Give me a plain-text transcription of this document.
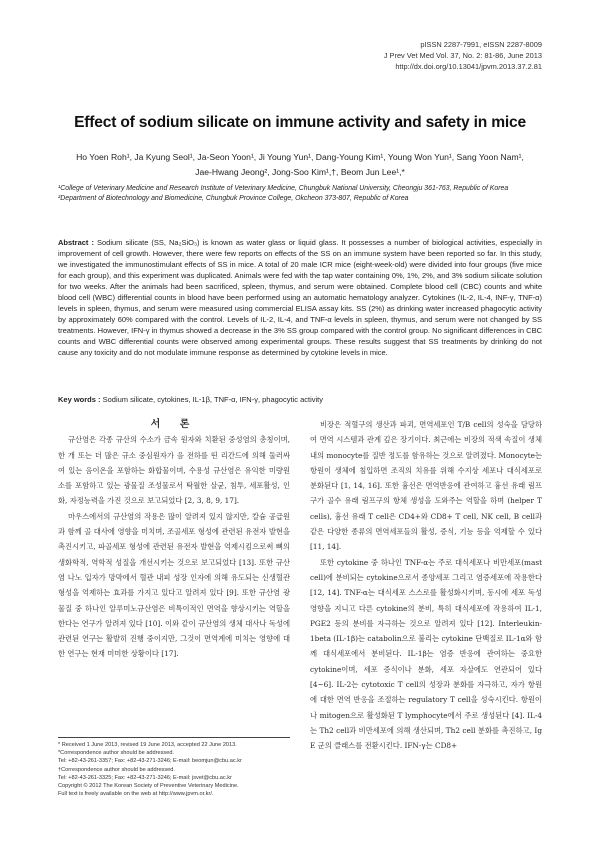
pISSN 2287-7991, eISSN 2287-8009
J Prev Vet Med Vol. 37, No. 2: 81-86, June 2013
http://dx.doi.org/10.13041/jpvm.2013.37.2.81
Effect of sodium silicate on immune activity and safety in mice
Ho Yoen Roh¹, Ja Kyung Seol¹, Ja-Seon Yoon¹, Ji Young Yun¹, Dang-Young Kim¹, Young Won Yun¹, Sang Yoon Nam¹,
Jae-Hwang Jeong², Jong-Soo Kim¹,†, Beom Jun Lee¹,*

¹College of Veterinary Medicine and Research Institute of Veterinary Medicine, Chungbuk National University, Cheongju 361-763, Republic of Korea

²Department of Biotechnology and Biomedicine, Chungbuk Province College, Okcheon 373-807, Republic of Korea

Abstract : Sodium silicate (SS, Na₂SiO₃) is known as water glass or liquid glass. It possesses a number of biological activities, especially in improvement of cell growth. However, there were few reports on effects of the SS on an immune system have been reported so far. In this study, we investigated the immunostimulant effects of SS in mice. A total of 20 male ICR mice (eight-week-old) were divided into four groups (five mice for each group), and this experiment was duplicated. Animals were fed with the tap water containing 0%, 1%, 2%, and 3% sodium silicate solution for two weeks. After the animals had been sacrificed, spleen, thymus, and serum were obtained. Complete blood cell (CBC) counts and white blood cell (WBC) differential counts in blood have been performed using an automatic hematology analyzer. Cytokines (IL-2, IL-4, INF-γ, TNF-α) levels in spleen, thymus, and serum were measured using commercial ELISA assay kits. SS (2%) as drinking water increased phagocytic activity by approximately 60% compared with the control. Levels of IL-2, IL-4, and TNF-α levels in spleen, thymus, and serum were not changed by SS treatments. However, IFN-γ in thymus showed a decrease in the 3% SS group compared with the control group. No significant differences in CBC counts and WBC differential counts were observed among experimental groups. These results suggest that SS treatments by drinking do not cause any toxicity and do not modulate immune response as determined by cytokine levels in mice.
Key words : Sodium silicate, cytokines, IL-1β, TNF-α, IFN-γ, phagocytic activity

서 론

규산염은 각종 규산의 수소가 금속 원자와 치환된 중성염의 총칭이며, 한 개 또는 더 많은 규소 중심원자가 음 전하를 띤 리간드에 의해 둘러싸여 있는 음이온을 포함하는 화합물이며, 수용성 규산염은 유익한 미량원소를 포함하고 있는 광물질 조성물로서 탁월한 살균, 침투, 세포활성, 인화, 자정능력을 가진 것으로 보고되었다 [2, 3, 8, 9, 17].

마우스에서의 규산염의 작용은 많이 알려져 있지 않지만, 칼슘 공급원과 함께 골 대사에 영향을 미치며, 조골세포 형성에 관련된 유전자 발현을 촉진시키고, 파골세포 형성에 관련된 유전자 발현을 억제시킴으로써 뼈의 생화학적, 역학적 성질을 개선시키는 것으로 보고되었다 [13]. 또한 규산염 나노 입자가 망막에서 혈관 내피 성장 인자에 의해 유도되는 신생혈관 형성을 억제하는 효과를 가지고 있다고 알려져 있다 [9]. 또한 규산염 광물질 중 하나인 알루미노규산염은 비특이적인 면역을 향상시키는 역할을 한다는 연구가 알려져 있다 [10]. 이와 같이 규산염의 생체 대사나 독성에 관련된 연구는 활발히 진행 중이지만, 그것이 면역계에 미치는 영향에 대한 연구는 현재 미미한 상황이다 [17].

비장은 적혈구의 생산과 파괴, 면역세포인 T/B cell의 성숙을 담당하여 면역 시스템과 관계 깊은 장기이다. 최근에는 비장의 적색 속질이 생체 내의 monocyte를 질반 정도를 함유하는 것으로 알려졌다. Monocyte는 항원이 생체에 침입하면 조직의 치유를 위해 수지상 세포나 대식세포로 분화된다 [1, 14, 16]. 또한 흉선은 면역반응에 관여하고 흉선 유래 림프구가 골수 유래 림프구의 항체 생성을 도와주는 역할을 하며 (helper T cells), 흉선 유래 T cell은 CD4+와 CD8+ T cell, NK cell, B cell과 같은 다양한 종류의 면역세포들의 활성, 증식, 기능 등을 억제할 수 있다 [11, 14].

또한 cytokine 중 하나인 TNF-α는 주로 대식세포나 비만세포(mast cell)에 분비되는 cytokine으로서 종양세포 그리고 염증세포에 작용한다 [12, 14]. TNF-α는 대식세포 스스로를 활성화시키며, 동시에 세포 독성 영향을 지니고 다른 cytokine의 분비, 특히 대식세포에 작용하여 IL-1, PGE2 등의 분비를 자극하는 것으로 알려져 있다 [12]. Interleukin-1beta (IL-1β)는 catabolin으로 불리는 cytokine 단백질로 IL-1α와 함께 대식세포에서 분비된다. IL-1β는 염증 반응에 관여하는 중요한 cytokine이며, 세포 증식이나 분화, 세포 자살에도 연관되어 있다 [4~6]. IL-2는 cytotoxic T cell의 성장과 분화를 자극하고, 자가 항원에 대한 면역 반응을 조절하는 regulatory T cell을 성숙시킨다. 항원이나 mitogen으로 활성화된 T lymphocyte에서 주로 생성된다 [4]. IL-4는 Th2 cell과 비만세포에 의해 생산되며, Th2 cell 분화를 촉진하고, Ig E 군의 클래스를 전환시킨다. IFN-γ는 CD8+

* Received 1 June 2013, revised 19 June 2013, accepted 22 June 2013.
*Correspondence author should be addressed.
Tel: +82-43-261-3357; Fax: +82-43-271-3246; E-mail: beomjun@cbu.ac.kr
†Correspondence author should be addressed.
Tel: +82-43-261-3325; Fax: +82-43-271-3246; E-mail: jsvet@cbu.ac.kr
Copyright © 2012 The Korean Society of Preventive Veterinary Medicine.
Full text is freely available on the web at http://www.jpvm.or.kr/.
